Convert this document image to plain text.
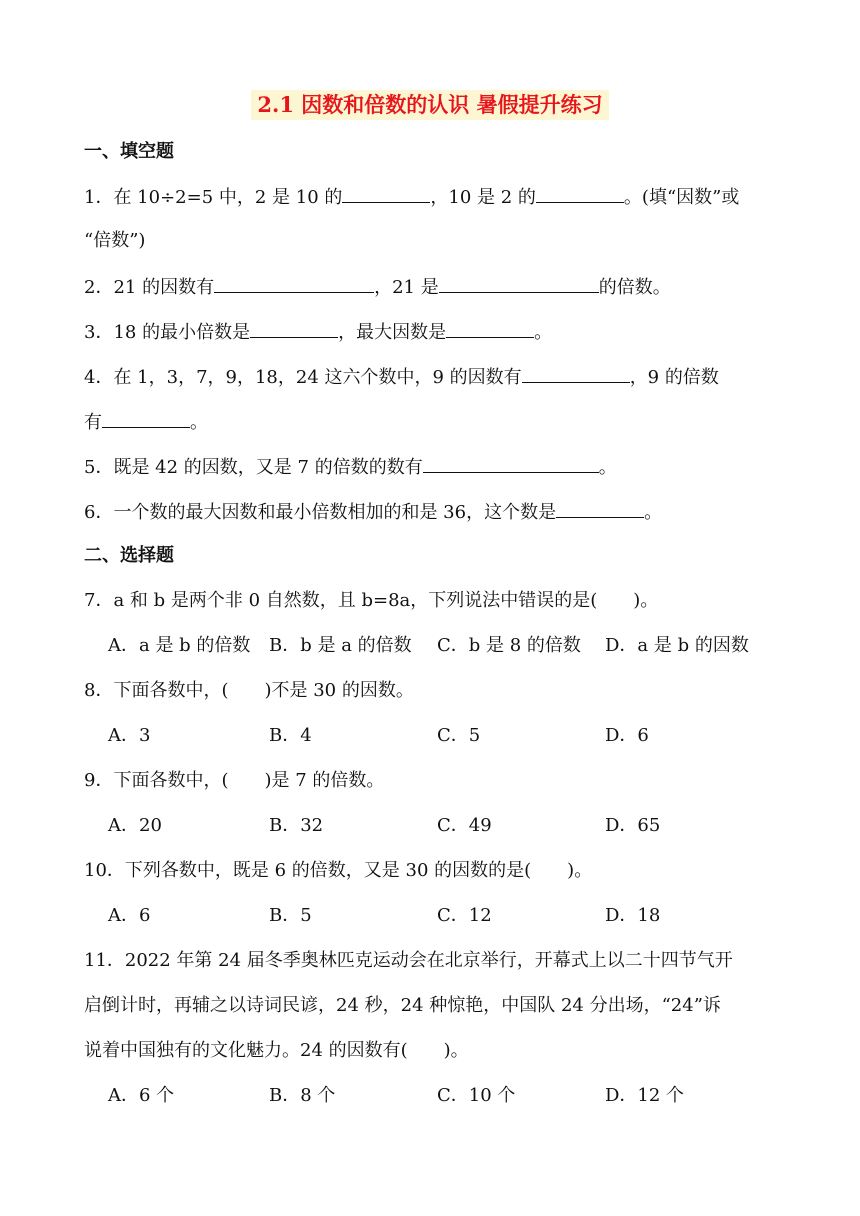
2.1 因数和倍数的认识 暑假提升练习
一、填空题
1．在 10÷2=5 中，2 是 10 的	，10 是 2 的	。(填“因数”或
“倍数”)
2．21 的因数有	，21 是	的倍数。
3．18 的最小倍数是	，最大因数是	。
4．在 1，3，7，9，18，24 这六个数中，9 的因数有	，9 的倍数
有	。
5．既是 42 的因数，又是 7 的倍数的数有	。
6．一个数的最大因数和最小倍数相加的和是 36，这个数是	。
二、选择题
7．a 和 b 是两个非 0 自然数，且 b=8a，下列说法中错误的是(　　)。
A．a 是 b 的倍数 B．b 是 a 的倍数 C．b 是 8 的倍数 D．a 是 b 的因数
8．下面各数中，(　　)不是 30 的因数。
A．3	B．4	C．5	D．6
9．下面各数中，(　　)是 7 的倍数。
A．20	B．32	C．49	D．65
10．下列各数中，既是 6 的倍数，又是 30 的因数的是(　　)。
A．6	B．5	C．12	D．18
11．2022 年第 24 届冬季奥林匹克运动会在北京举行，开幕式上以二十四节气开
启倒计时，再辅之以诗词民谚，24 秒，24 种惊艳，中国队 24 分出场，“24”诉
说着中国独有的文化魅力。24 的因数有(　　)。
A．6 个	B．8 个	C．10 个	D．12 个
